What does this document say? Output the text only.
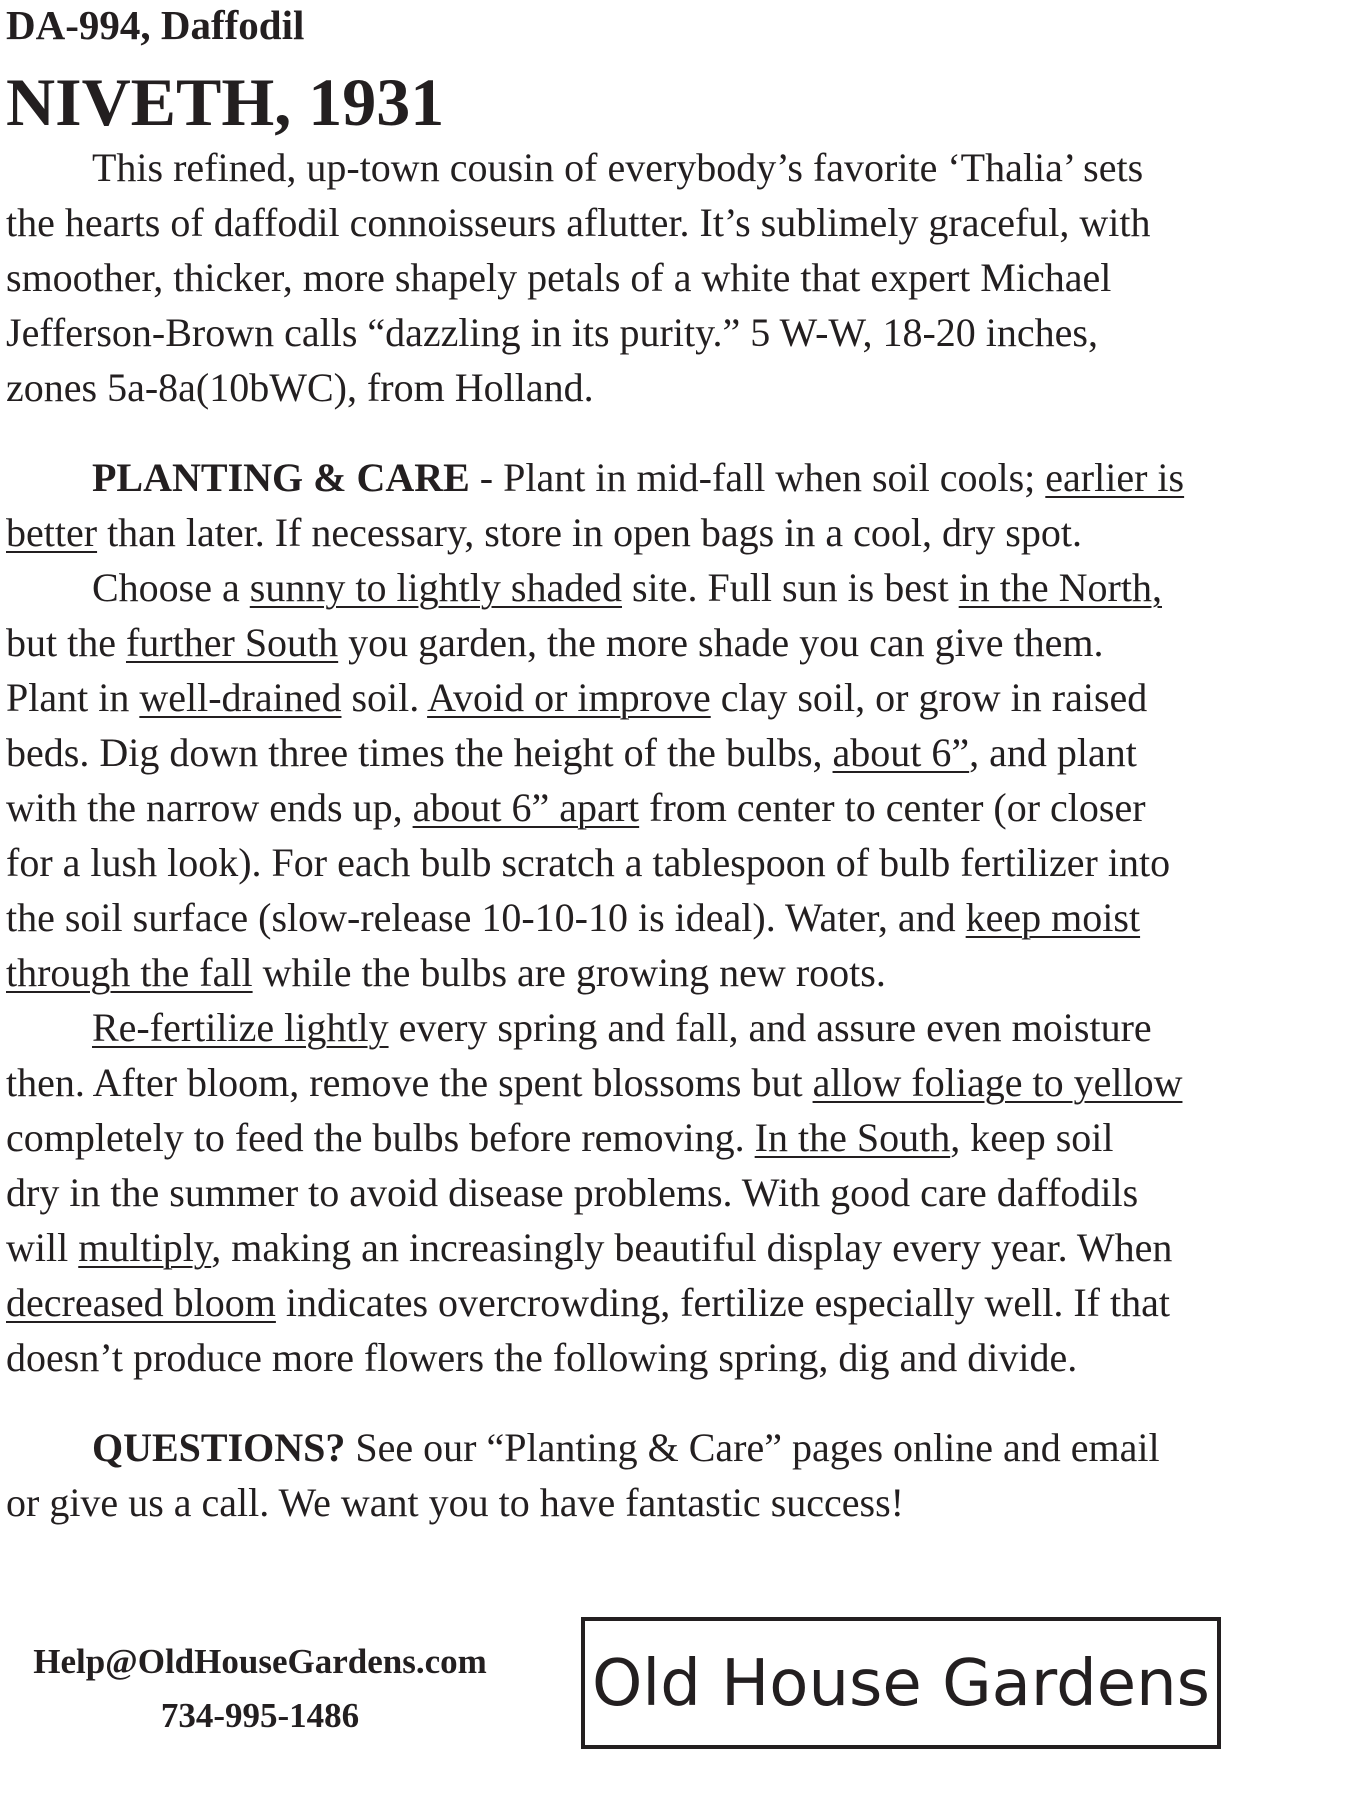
DA-994, Daffodil
NIVETH, 1931
This refined, up-town cousin of everybody’s favorite ‘Thalia’ sets
the hearts of daffodil connoisseurs aflutter. It’s sublimely graceful, with
smoother, thicker, more shapely petals of a white that expert Michael
Jefferson-Brown calls “dazzling in its purity.” 5 W-W, 18-20 inches,
zones 5a-8a(10bWC), from Holland.
PLANTING & CARE - Plant in mid-fall when soil cools; earlier is
better than later. If necessary, store in open bags in a cool, dry spot.
Choose a sunny to lightly shaded site. Full sun is best in the North,
but the further South you garden, the more shade you can give them.
Plant in well-drained soil. Avoid or improve clay soil, or grow in raised
beds. Dig down three times the height of the bulbs, about 6”, and plant
with the narrow ends up, about 6” apart from center to center (or closer
for a lush look). For each bulb scratch a tablespoon of bulb fertilizer into
the soil surface (slow-release 10-10-10 is ideal). Water, and keep moist
through the fall while the bulbs are growing new roots.
Re-fertilize lightly every spring and fall, and assure even moisture
then. After bloom, remove the spent blossoms but allow foliage to yellow
completely to feed the bulbs before removing. In the South, keep soil
dry in the summer to avoid disease problems. With good care daffodils
will multiply, making an increasingly beautiful display every year. When
decreased bloom indicates overcrowding, fertilize especially well. If that
doesn’t produce more flowers the following spring, dig and divide.
QUESTIONS? See our “Planting & Care” pages online and email
or give us a call. We want you to have fantastic success!
Help@OldHouseGardens.com
734-995-1486	Old House Gardens
